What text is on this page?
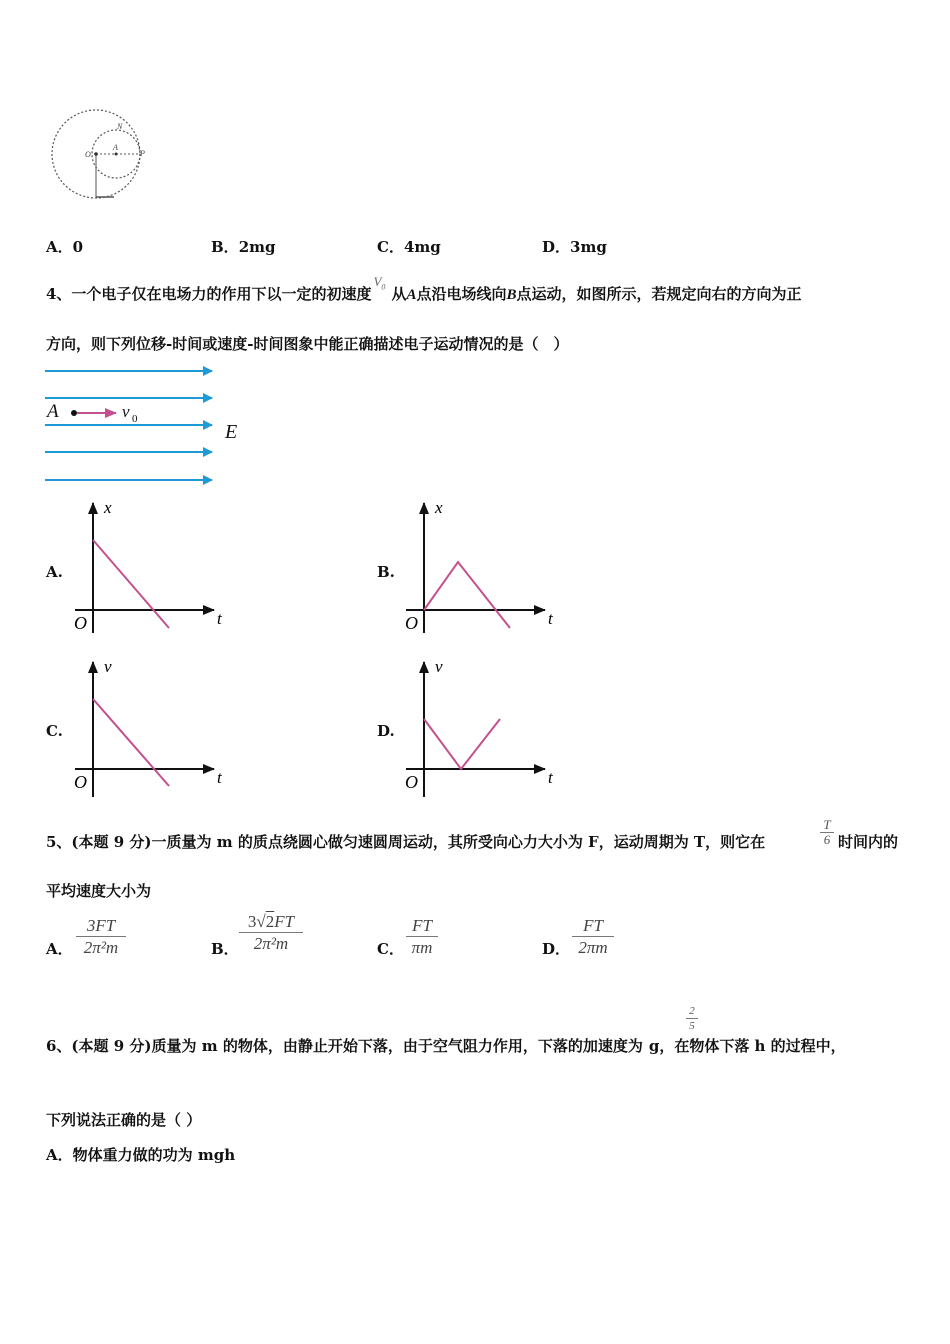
N
O
A
P
A．0	B．2mg	C．4mg	D．3mg
4、一个电子仅在电场力的作用下以一定的初速度
$V_0$ 从A点沿电场线向B点运动，如图所示，若规定向右的方向为正
方向，则下列位移-时间或速度-时间图象中能正确描述电子运动情况的是（　）
A	v 0
E
A.	B.
C.	D.
x
t
O
x
t
O
v
t
O
v
t
O
5、(本题 9 分)一质量为 m 的质点绕圆心做匀速圆周运动，其所受向心力大小为 F，运动周期为 T，则它在	$\frac{T}{6}$ 时间内的
平均速度大小为
A． $\frac{3FT}{\text{2π²m}}$	B． $\frac{3√2FT}{\text{2π²m}}$	C． $\frac{FT}{\pi m}$	D． $\frac{FT}{2\pi m}$
$\frac{2}{5}$
6、(本题 9 分)质量为 m 的物体，由静止开始下落，由于空气阻力作用，下落的加速度为 g，在物体下落 h 的过程中，
下列说法正确的是（ ）
A．物体重力做的功为 mgh
